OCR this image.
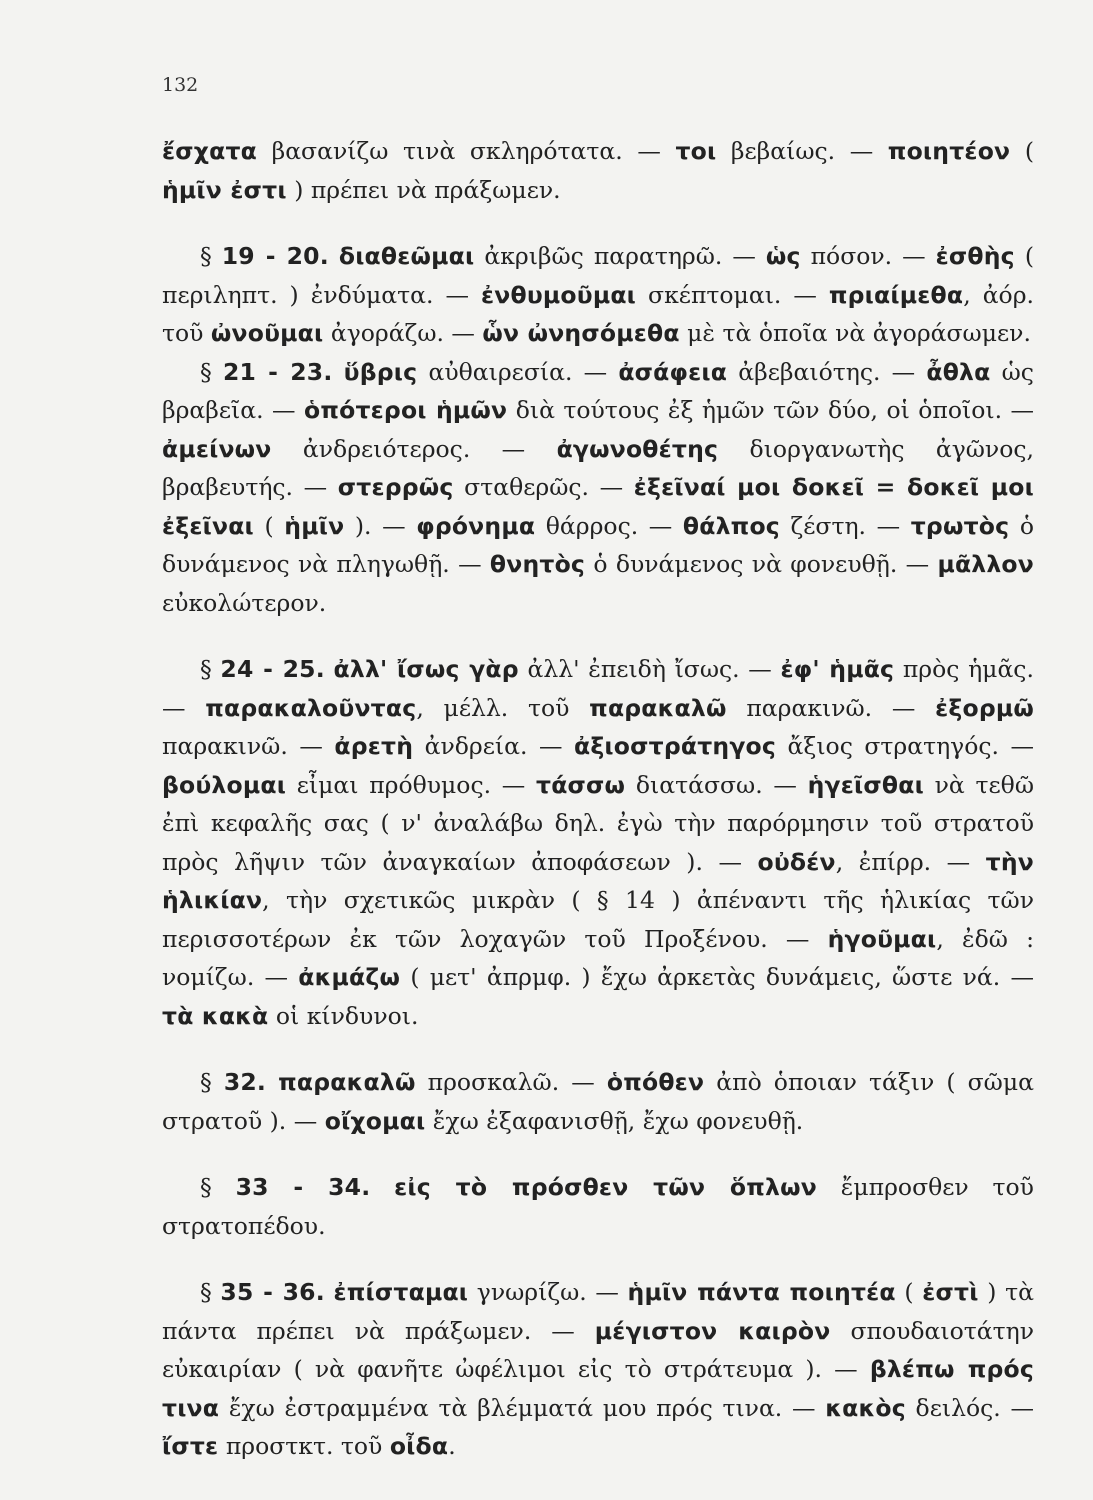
132

ἔσχατα βασανίζω τινὰ σκληρότατα. — τοι βεβαίως. — ποιητέον ( ἡμῖν ἐστι ) πρέπει νὰ πράξωμεν.

§ 19 - 20. διαθεῶμαι ἀκριβῶς παρατηρῶ. — ὡς πόσον. — ἐσθὴς ( περιληπτ. ) ἐνδύματα. — ἐνθυμοῦμαι σκέπτομαι. — πριαίμεθα, ἀόρ. τοῦ ὠνοῦμαι ἀγοράζω. — ὧν ὠνησόμεθα μὲ τὰ ὁποῖα νὰ ἀγοράσωμεν.

§ 21 - 23. ὕβρις αὐθαιρεσία. — ἀσάφεια ἀβεβαιότης. — ἆθλα ὡς βραβεῖα. — ὁπότεροι ἡμῶν διὰ τούτους ἐξ ἡμῶν τῶν δύο, οἱ ὁποῖοι. — ἀμείνων ἀνδρειότερος. — ἀγωνοθέτης διοργανωτὴς ἀγῶνος, βραβευτής. — στερρῶς σταθερῶς. — ἐξεῖναί μοι δοκεῖ = δοκεῖ μοι ἐξεῖναι ( ἡμῖν ). — φρόνημα θάρρος. — θάλπος ζέστη. — τρωτὸς ὁ δυνάμενος νὰ πληγωθῇ. — θνητὸς ὁ δυνάμενος νὰ φονευθῇ. — μᾶλλον εὐκολώτερον.

§ 24 - 25. ἀλλ' ἴσως γὰρ ἀλλ' ἐπειδὴ ἴσως. — ἐφ' ἡμᾶς πρὸς ἡμᾶς. — παρακαλοῦντας, μέλλ. τοῦ παρακαλῶ παρακινῶ. — ἐξορμῶ παρακινῶ. — ἀρετὴ ἀνδρεία. — ἀξιοστράτηγος ἄξιος στρατηγός. — βούλομαι εἶμαι πρόθυμος. — τάσσω διατάσσω. — ἡγεῖσθαι νὰ τεθῶ ἐπὶ κεφαλῆς σας ( ν' ἀναλάβω δηλ. ἐγὼ τὴν παρόρμησιν τοῦ στρατοῦ πρὸς λῆψιν τῶν ἀναγκαίων ἀποφάσεων ). — οὐδέν, ἐπίρρ. — τὴν ἡλικίαν, τὴν σχετικῶς μικρὰν ( § 14 ) ἀπέναντι τῆς ἡλικίας τῶν περισσοτέρων ἐκ τῶν λοχαγῶν τοῦ Προξένου. — ἡγοῦμαι, ἐδῶ : νομίζω. — ἀκμάζω ( μετ' ἀπρμφ. ) ἔχω ἀρκετὰς δυνάμεις, ὥστε νά. — τὰ κακὰ οἱ κίνδυνοι.

§ 32. παρακαλῶ προσκαλῶ. — ὁπόθεν ἀπὸ ὁποιαν τάξιν ( σῶμα στρατοῦ ). — οἴχομαι ἔχω ἐξαφανισθῇ, ἔχω φονευθῇ.

§ 33 - 34. εἰς τὸ πρόσθεν τῶν ὅπλων ἔμπροσθεν τοῦ στρατοπέδου.

§ 35 - 36. ἐπίσταμαι γνωρίζω. — ἡμῖν πάντα ποιητέα ( ἐστὶ ) τὰ πάντα πρέπει νὰ πράξωμεν. — μέγιστον καιρὸν σπουδαιοτάτην εὐκαιρίαν ( νὰ φανῆτε ὠφέλιμοι εἰς τὸ στράτευμα ). — βλέπω πρός τινα ἔχω ἐστραμμένα τὰ βλέμματά μου πρός τινα. — κακὸς δειλός. — ἴστε προστκτ. τοῦ οἶδα.
